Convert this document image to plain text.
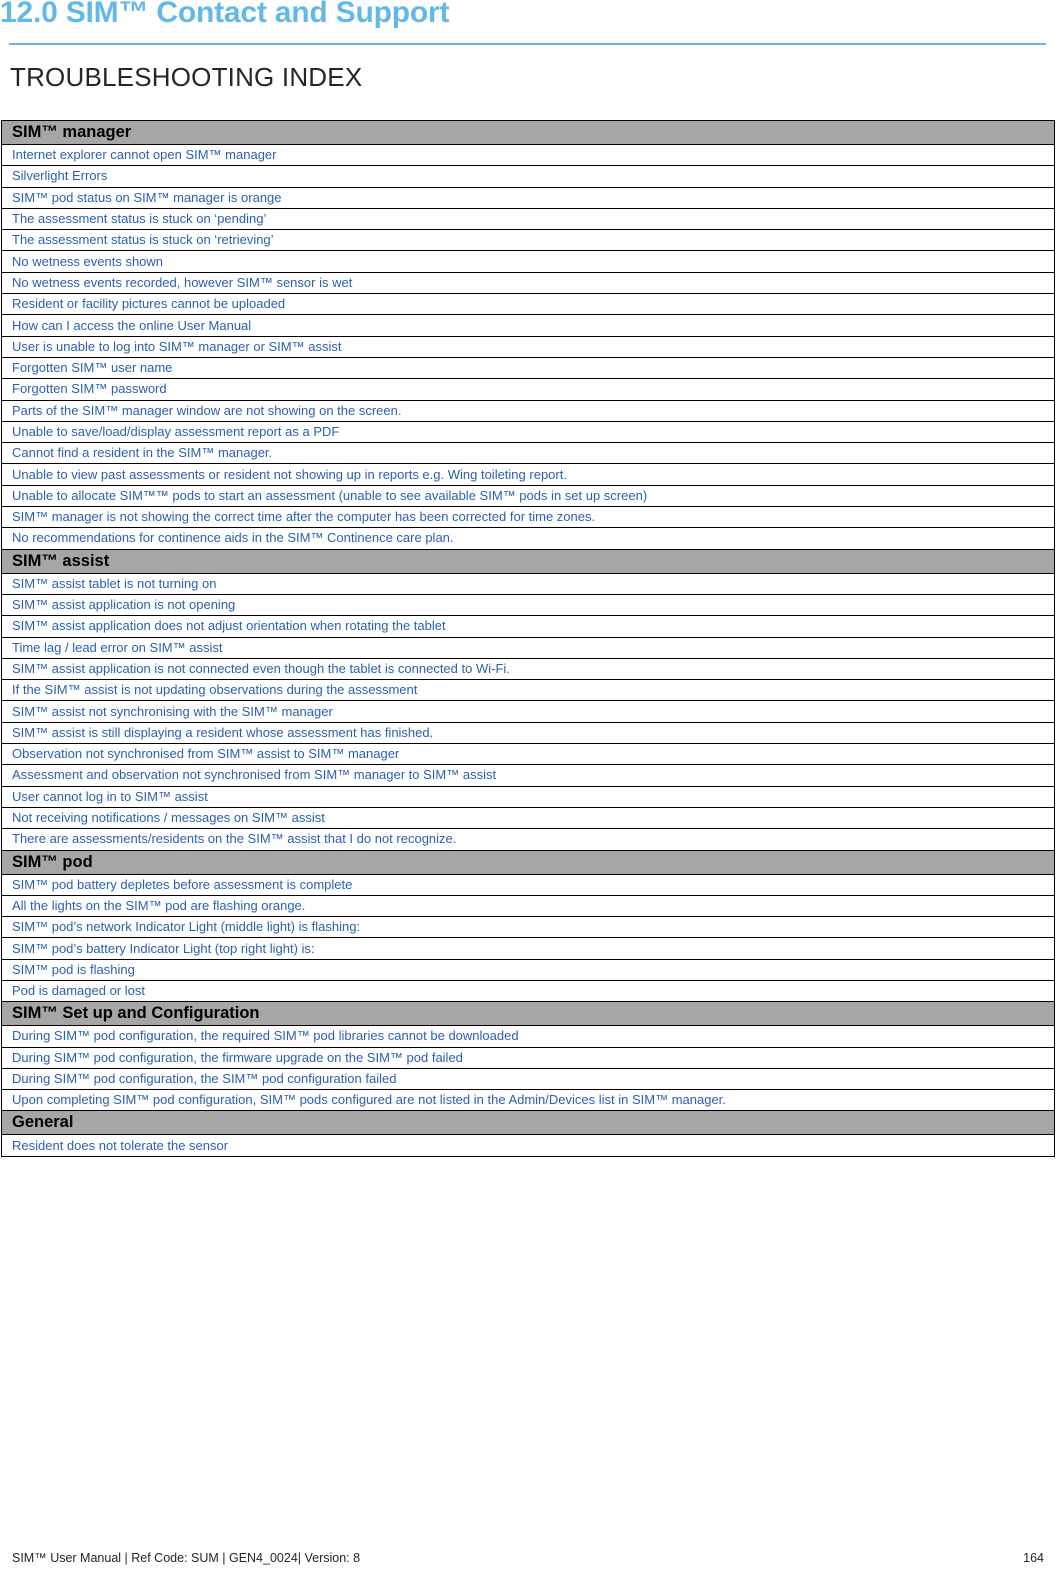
12.0 SIM™ Contact and Support
TROUBLESHOOTING INDEX
SIM™ manager
Internet explorer cannot open SIM™ manager
Silverlight Errors
SIM™ pod status on SIM™ manager is orange
The assessment status is stuck on ‘pending’
The assessment status is stuck on ‘retrieving’
No wetness events shown
No wetness events recorded, however SIM™ sensor is wet
Resident or facility pictures cannot be uploaded
How can I access the online User Manual
User is unable to log into SIM™ manager or SIM™ assist
Forgotten SIM™ user name
Forgotten SIM™ password
Parts of the SIM™ manager window are not showing on the screen.
Unable to save/load/display assessment report as a PDF
Cannot find a resident in the SIM™ manager.
Unable to view past assessments or resident not showing up in reports e.g. Wing toileting report.
Unable to allocate SIM™™ pods to start an assessment (unable to see available SIM™ pods in set up screen)
SIM™ manager is not showing the correct time after the computer has been corrected for time zones.
No recommendations for continence aids in the SIM™ Continence care plan.
SIM™ assist
SIM™ assist tablet is not turning on
SIM™ assist application is not opening
SIM™ assist application does not adjust orientation when rotating the tablet
Time lag / lead error on SIM™ assist
SIM™ assist application is not connected even though the tablet is connected to Wi-Fi.
If the SIM™ assist is not updating observations during the assessment
SIM™ assist not synchronising with the SIM™ manager
SIM™ assist is still displaying a resident whose assessment has finished.
Observation not synchronised from SIM™ assist to SIM™ manager
Assessment and observation not synchronised from SIM™ manager to SIM™ assist
User cannot log in to SIM™ assist
Not receiving notifications / messages on SIM™ assist
There are assessments/residents on the SIM™ assist that I do not recognize.
SIM™ pod
SIM™ pod battery depletes before assessment is complete
All the lights on the SIM™ pod are flashing orange.
SIM™ pod’s network Indicator Light (middle light) is flashing:
SIM™ pod’s battery Indicator Light (top right light) is:
SIM™ pod is flashing
Pod is damaged or lost
SIM™ Set up and Configuration
During SIM™ pod configuration, the required SIM™ pod libraries cannot be downloaded
During SIM™ pod configuration, the firmware upgrade on the SIM™ pod failed
During SIM™ pod configuration, the SIM™ pod configuration failed
Upon completing SIM™ pod configuration, SIM™ pods configured are not listed in the Admin/Devices list in SIM™ manager.
General
Resident does not tolerate the sensor
SIM™ User Manual | Ref Code: SUM | GEN4_0024| Version: 8	164
